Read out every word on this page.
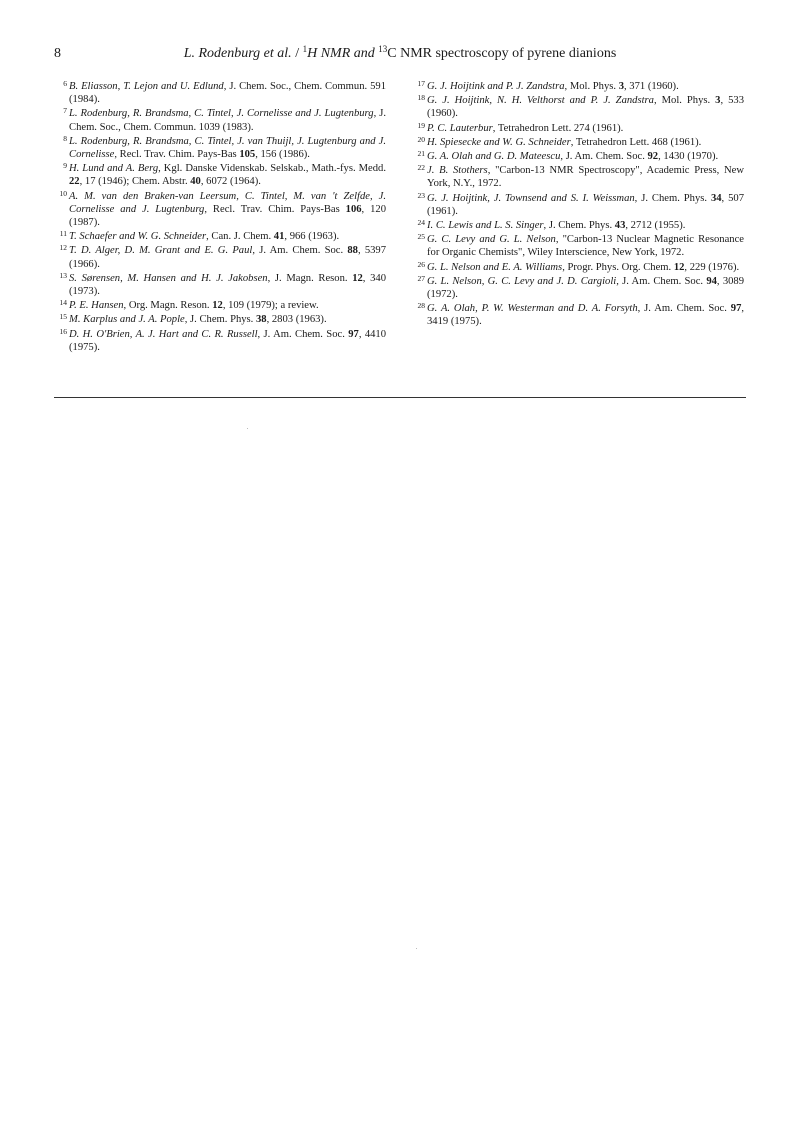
8	L. Rodenburg et al. / $^1$H NMR and $^{13}$C NMR spectroscopy of pyrene dianions
6 B. Eliasson, T. Lejon and U. Edlund, J. Chem. Soc., Chem. Commun. 591 (1984).
7 L. Rodenburg, R. Brandsma, C. Tintel, J. Cornelisse and J. Lugtenburg, J. Chem. Soc., Chem. Commun. 1039 (1983).
8 L. Rodenburg, R. Brandsma, C. Tintel, J. van Thuijl, J. Lugtenburg and J. Cornelisse, Recl. Trav. Chim. Pays-Bas 105, 156 (1986).
9 H. Lund and A. Berg, Kgl. Danske Videnskab. Selskab., Math.-fys. Medd. 22, 17 (1946); Chem. Abstr. 40, 6072 (1964).
10 A. M. van den Braken-van Leersum, C. Tintel, M. van 't Zelfde, J. Cornelisse and J. Lugtenburg, Recl. Trav. Chim. Pays-Bas 106, 120 (1987).
11 T. Schaefer and W. G. Schneider, Can. J. Chem. 41, 966 (1963).
12 T. D. Alger, D. M. Grant and E. G. Paul, J. Am. Chem. Soc. 88, 5397 (1966).
13 S. Sørensen, M. Hansen and H. J. Jakobsen, J. Magn. Reson. 12, 340 (1973).
14 P. E. Hansen, Org. Magn. Reson. 12, 109 (1979); a review.
15 M. Karplus and J. A. Pople, J. Chem. Phys. 38, 2803 (1963).
16 D. H. O'Brien, A. J. Hart and C. R. Russell, J. Am. Chem. Soc. 97, 4410 (1975).
17 G. J. Hoijtink and P. J. Zandstra, Mol. Phys. 3, 371 (1960).
18 G. J. Hoijtink, N. H. Velthorst and P. J. Zandstra, Mol. Phys. 3, 533 (1960).
19 P. C. Lauterbur, Tetrahedron Lett. 274 (1961).
20 H. Spiesecke and W. G. Schneider, Tetrahedron Lett. 468 (1961).
21 G. A. Olah and G. D. Mateescu, J. Am. Chem. Soc. 92, 1430 (1970).
22 J. B. Stothers, "Carbon-13 NMR Spectroscopy", Academic Press, New York, N.Y., 1972.
23 G. J. Hoijtink, J. Townsend and S. I. Weissman, J. Chem. Phys. 34, 507 (1961).
24 I. C. Lewis and L. S. Singer, J. Chem. Phys. 43, 2712 (1955).
25 G. C. Levy and G. L. Nelson, "Carbon-13 Nuclear Magnetic Resonance for Organic Chemists", Wiley Interscience, New York, 1972.
26 G. L. Nelson and E. A. Williams, Progr. Phys. Org. Chem. 12, 229 (1976).
27 G. L. Nelson, G. C. Levy and J. D. Cargioli, J. Am. Chem. Soc. 94, 3089 (1972).
28 G. A. Olah, P. W. Westerman and D. A. Forsyth, J. Am. Chem. Soc. 97, 3419 (1975).
